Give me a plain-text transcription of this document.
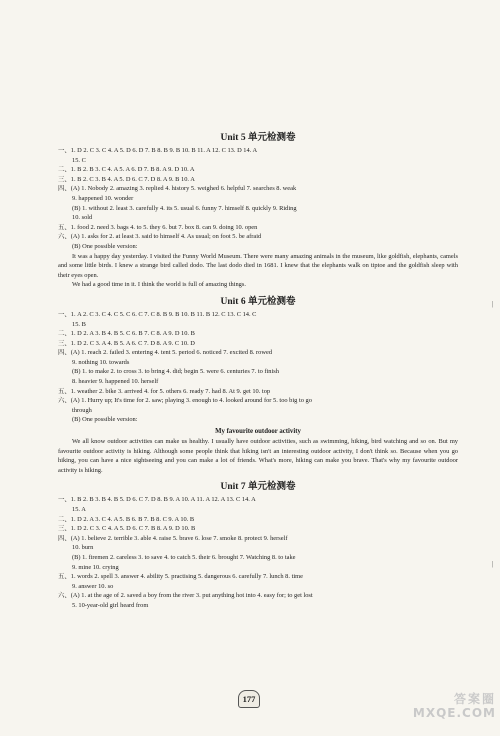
Unit 5 单元检测卷
一、1. D 2. C 3. C 4. A 5. D 6. D 7. B 8. B 9. B 10. B 11. A 12. C 13. D 14. A
15. C
二、1. B 2. B 3. C 4. A 5. A 6. D 7. B 8. A 9. D 10. A
三、1. B 2. C 3. B 4. A 5. D 6. C 7. D 8. A 9. B 10. A
四、(A) 1. Nobody 2. amazing 3. replied 4. history 5. weighed 6. helpful 7. searches 8. weak
9. happened 10. wonder
(B) 1. without 2. least 3. carefully 4. its 5. usual 6. funny 7. himself 8. quickly 9. Riding
10. sold
五、1. food 2. need 3. bags 4. to 5. they 6. but 7. box 8. can 9. doing 10. open
六、(A) 1. asks for 2. at least 3. said to himself 4. As usual; on foot 5. be afraid
(B) One possible version:
It was a happy day yesterday. I visited the Funny World Museum. There were many amazing animals in the museum, like goldfish, elephants, camels and some little birds. I knew a strange bird called dodo. The last dodo died in 1681. I knew that the elephants walk on tiptoe and the goldfish sleep with their eyes open.
We had a good time in it. I think the world is full of amazing things.
Unit 6 单元检测卷
一、1. A 2. C 3. C 4. C 5. C 6. C 7. C 8. B 9. B 10. B 11. B 12. C 13. C 14. C
15. B
二、1. D 2. A 3. B 4. B 5. C 6. B 7. C 8. A 9. D 10. B
三、1. D 2. C 3. A 4. B 5. A 6. C 7. D 8. A 9. C 10. D
四、(A) 1. reach 2. failed 3. entering 4. tent 5. period 6. noticed 7. excited 8. rowed
9. nothing 10. towards
(B) 1. to make 2. to cross 3. to bring 4. did; begin 5. were 6. centuries 7. to finish
8. heavier 9. happened 10. herself
五、1. weather 2. bike 3. arrived 4. for 5. others 6. ready 7. had 8. At 9. get 10. top
六、(A) 1. Hurry up; It's time for 2. saw; playing 3. enough to 4. looked around for 5. too big to go
through
(B) One possible version:
My favourite outdoor activity
We all know outdoor activities can make us healthy. I usually have outdoor activities, such as swimming, hiking, bird watching and so on. But my favourite outdoor activity is hiking. Although some people think that hiking isn't an interesting outdoor activity, I don't think so. Because when you go hiking, you can have a nice sightseeing and you can make a lot of friends. What's more, hiking can make you brave. That's why my favourite outdoor activity is hiking.
Unit 7 单元检测卷
一、1. B 2. B 3. B 4. B 5. D 6. C 7. D 8. B 9. A 10. A 11. A 12. A 13. C 14. A
15. A
二、1. D 2. A 3. C 4. A 5. B 6. B 7. B 8. C 9. A 10. B
三、1. D 2. C 3. C 4. A 5. D 6. C 7. B 8. A 9. D 10. B
四、(A) 1. believe 2. terrible 3. able 4. raise 5. brave 6. lose 7. smoke 8. protect 9. herself
10. burn
(B) 1. firemen 2. careless 3. to save 4. to catch 5. their 6. brought 7. Watching 8. to take
9. mine 10. crying
五、1. words 2. spell 3. answer 4. ability 5. practising 5. dangerous 6. carefully 7. lunch 8. time
9. answer 10. so
六、(A) 1. at the age of 2. saved a boy from the river 3. put anything hot into 4. easy for; to get lost
5. 10-year-old girl heard from
177
|
|
答案圈
MXQE.COM
